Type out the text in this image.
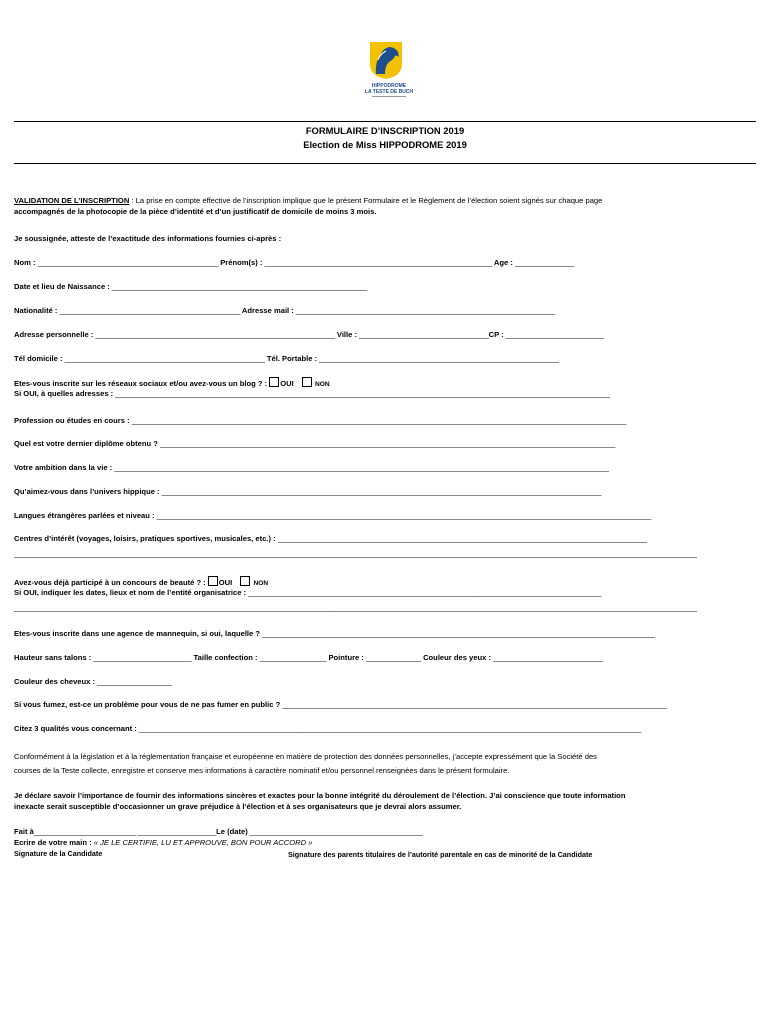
HIPPODROME
LA TESTE DE BUCH
FORMULAIRE D’INSCRIPTION 2019
Election de Miss HIPPODROME 2019
VALIDATION DE L’INSCRIPTION : La prise en compte effective de l’inscription implique que le présent Formulaire et le Règlement de l’élection soient signés sur chaque page
accompagnés de la photocopie de la pièce d’identité et d’un justificatif de domicile de moins 3 mois.
Je soussignée, atteste de l’exactitude des informations fournies ci-après :
Nom : ______________________________________________ Prénom(s) : __________________________________________________________ Age : _______________
Date et lieu de Naissance : _________________________________________________________________
Nationalité : ______________________________________________ Adresse mail : __________________________________________________________________
Adresse personnelle : _____________________________________________________________ Ville : _________________________________CP : _________________________
Tél domicile : ___________________________________________________ Tél. Portable : _____________________________________________________________
Etes-vous inscrite sur les réseaux sociaux et/ou avez-vous un blog ? : OUI	NON
Si OUI, à quelles adresses : ______________________________________________________________________________________________________________________________
Profession ou études en cours : ______________________________________________________________________________________________________________________________
Quel est votre dernier diplôme obtenu ? ____________________________________________________________________________________________________________________
Votre ambition dans la vie : ______________________________________________________________________________________________________________________________
Qu’aimez-vous dans l’univers hippique : ________________________________________________________________________________________________________________
Langues étrangères parlées et niveau : ______________________________________________________________________________________________________________________________
Centres d’intérêt (voyages, loisirs, pratiques sportives, musicales, etc.) : ______________________________________________________________________________________________
______________________________________________________________________________________________________________________________________________________________________________
Avez-vous déjà participé à un concours de beauté ? : OUI	NON
Si OUI, indiquer les dates, lieux et nom de l’entité organisatrice : __________________________________________________________________________________________
______________________________________________________________________________________________________________________________________________________________________________
Etes-vous inscrite dans une agence de mannequin, si oui, laquelle ? ____________________________________________________________________________________________________
Hauteur sans talons : _________________________ Taille confection : _________________ Pointure : ______________ Couleur des yeux : ____________________________
Couleur des cheveux : ___________________
Si vous fumez, est-ce un problème pour vous de ne pas fumer en public ? __________________________________________________________________________________________________
Citez 3 qualités vous concernant : ________________________________________________________________________________________________________________________________
Conformément à la législation et à la réglementation française et européenne en matière de protection des données personnelles, j’accepte expressément que la Société des
courses de la Teste collecte, enregistre et conserve mes informations à caractère nominatif et/ou personnel renseignées dans le présent formulaire.
Je déclare savoir l’importance de fournir des informations sincères et exactes pour la bonne intégrité du déroulement de l’élection. J’ai conscience que toute information
inexacte serait susceptible d’occasionner un grave préjudice à l’élection et à ses organisateurs que je devrai alors assumer.
Fait à__________________________ ____________________Le (date) ____________________________________________
Ecrire de votre main : « JE LE CERTIFIE, LU ET APPROUVE, BON POUR ACCORD »
Signature de la Candidate	Signature des parents titulaires de l’autorité parentale en cas de minorité de la Candidate
